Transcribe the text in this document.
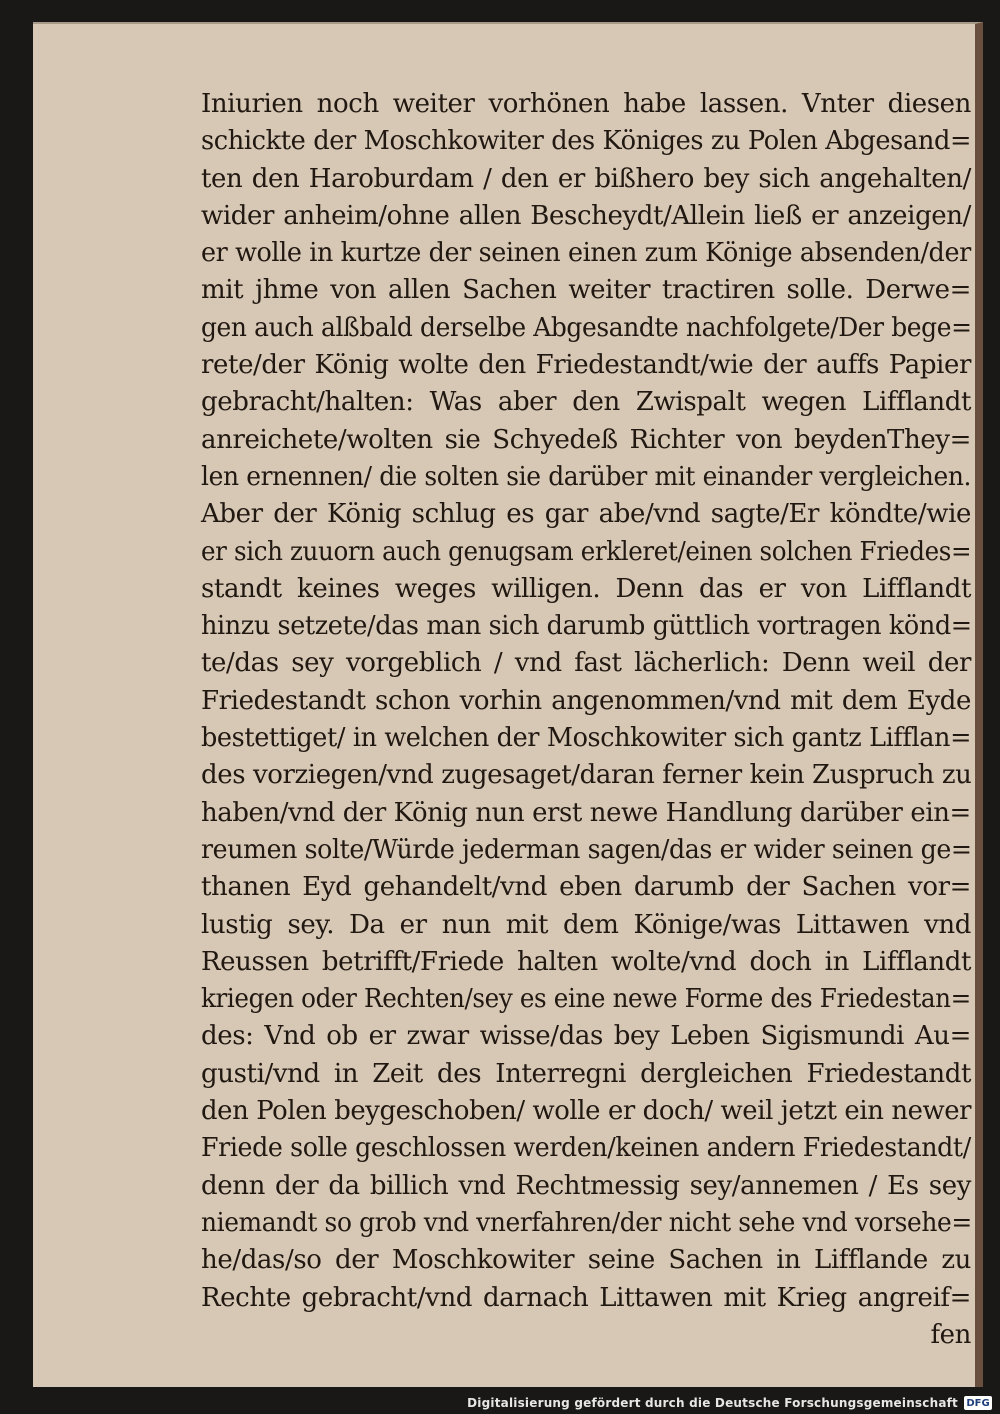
Iniurien noch weiter vorhönen habe lassen. Vnter diesen
schickte der Moschkowiter des Königes zu Polen Abgesand=
ten den Haroburdam / den er bißhero bey sich angehalten/
wider anheim/ohne allen Bescheydt/Allein ließ er anzeigen/
er wolle in kurtze der seinen einen zum Könige absenden/der
mit jhme von allen Sachen weiter tractiren solle. Derwe=
gen auch alßbald derselbe Abgesandte nachfolgete/Der bege=
rete/der König wolte den Friedestandt/wie der auffs Papier
gebracht/halten: Was aber den Zwispalt wegen Lifflandt
anreichete/wolten sie Schyedeß Richter von beydenThey=
len ernennen/ die solten sie darüber mit einander vergleichen.
Aber der König schlug es gar abe/vnd sagte/Er köndte/wie
er sich zuuorn auch genugsam erkleret/einen solchen Friedes=
standt keines weges willigen. Denn das er von Lifflandt
hinzu setzete/das man sich darumb güttlich vortragen könd=
te/das sey vorgeblich / vnd fast lächerlich: Denn weil der
Friedestandt schon vorhin angenommen/vnd mit dem Eyde
bestettiget/ in welchen der Moschkowiter sich gantz Lifflan=
des vorziegen/vnd zugesaget/daran ferner kein Zuspruch zu
haben/vnd der König nun erst newe Handlung darüber ein=
reumen solte/Würde jederman sagen/das er wider seinen ge=
thanen Eyd gehandelt/vnd eben darumb der Sachen vor=
lustig sey. Da er nun mit dem Könige/was Littawen vnd
Reussen betrifft/Friede halten wolte/vnd doch in Lifflandt
kriegen oder Rechten/sey es eine newe Forme des Friedestan=
des: Vnd ob er zwar wisse/das bey Leben Sigismundi Au=
gusti/vnd in Zeit des Interregni dergleichen Friedestandt
den Polen beygeschoben/ wolle er doch/ weil jetzt ein newer
Friede solle geschlossen werden/keinen andern Friedestandt/
denn der da billich vnd Rechtmessig sey/annemen / Es sey
niemandt so grob vnd vnerfahren/der nicht sehe vnd vorsehe=
he/das/so der Moschkowiter seine Sachen in Lifflande zu
Rechte gebracht/vnd darnach Littawen mit Krieg angreif=
fen
Digitalisierung gefördert durch die Deutsche Forschungsgemeinschaft DFG
